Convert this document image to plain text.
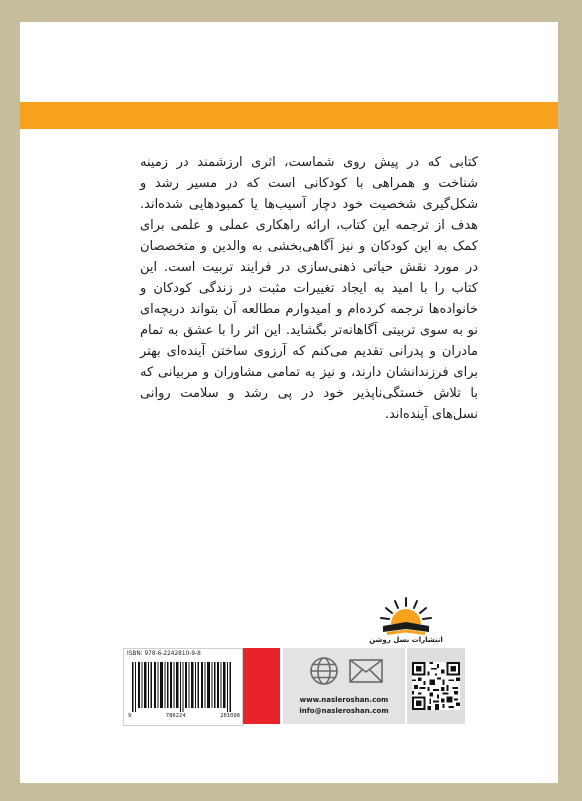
کتابی که در پیش روی شماست، اثری ارزشمند در زمینه شناخت و همراهی با کودکانی است که در مسیر رشد و شکل‌گیری شخصیت خود دچار آسیب‌ها یا کمبودهایی شده‌اند. هدف از ترجمه این کتاب، ارائه راهکاری عملی و علمی برای کمک به این کودکان و نیز آگاهی‌بخشی به والدین و متخصصان در مورد نقش حیاتی ذهنی‌سازی در فرایند تربیت است. این کتاب را با امید به ایجاد تغییرات مثبت در زندگی کودکان و خانواده‌ها ترجمه کرده‌ام و امیدوارم مطالعه آن بتواند دریچه‌ای نو به سوی تربیتی آگاهانه‌تر بگشاید. این اثر را با عشق به تمام مادران و پدرانی تقدیم می‌کنم که آرزوی ساختن آینده‌ای بهتر برای فرزندانشان دارند، و نیز به تمامی مشاوران و مربیانی که با تلاش خستگی‌ناپذیر خود در پی رشد و سلامت روانی نسل‌های آینده‌اند.

انتشارات نسل روشن
ISBN: 978-6-2242810-9-8
9	786224	281098
www.nasleroshan.com
info@nasleroshan.com
